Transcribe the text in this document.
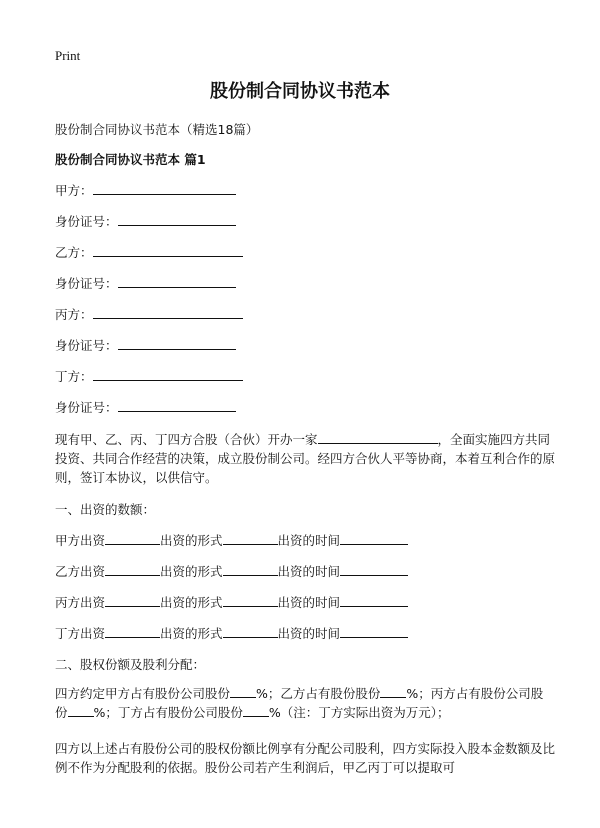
Print
股份制合同协议书范本
股份制合同协议书范本（精选18篇）
股份制合同协议书范本 篇1
甲方：
身份证号：
乙方：
身份证号：
丙方：
身份证号：
丁方：
身份证号：
现有甲、乙、丙、丁四方合股（合伙）开办一家	，全面实施四方共同投资、共同合作经营的决策，成立股份制公司。经四方合伙人平等协商，本着互利合作的原则，签订本协议，以供信守。
一、出资的数额：
甲方出资	出资的形式	出资的时间
乙方出资	出资的形式	出资的时间
丙方出资	出资的形式	出资的时间
丁方出资	出资的形式	出资的时间
二、股权份额及股利分配：
四方约定甲方占有股份公司股份 %；乙方占有股份股份 %；丙方占有股份公司股份 %；丁方占有股份公司股份 %（注：丁方实际出资为万元）；
四方以上述占有股份公司的股权份额比例享有分配公司股利，四方实际投入股本金数额及比例不作为分配股利的依据。股份公司若产生利润后，甲乙丙丁可以提取可
